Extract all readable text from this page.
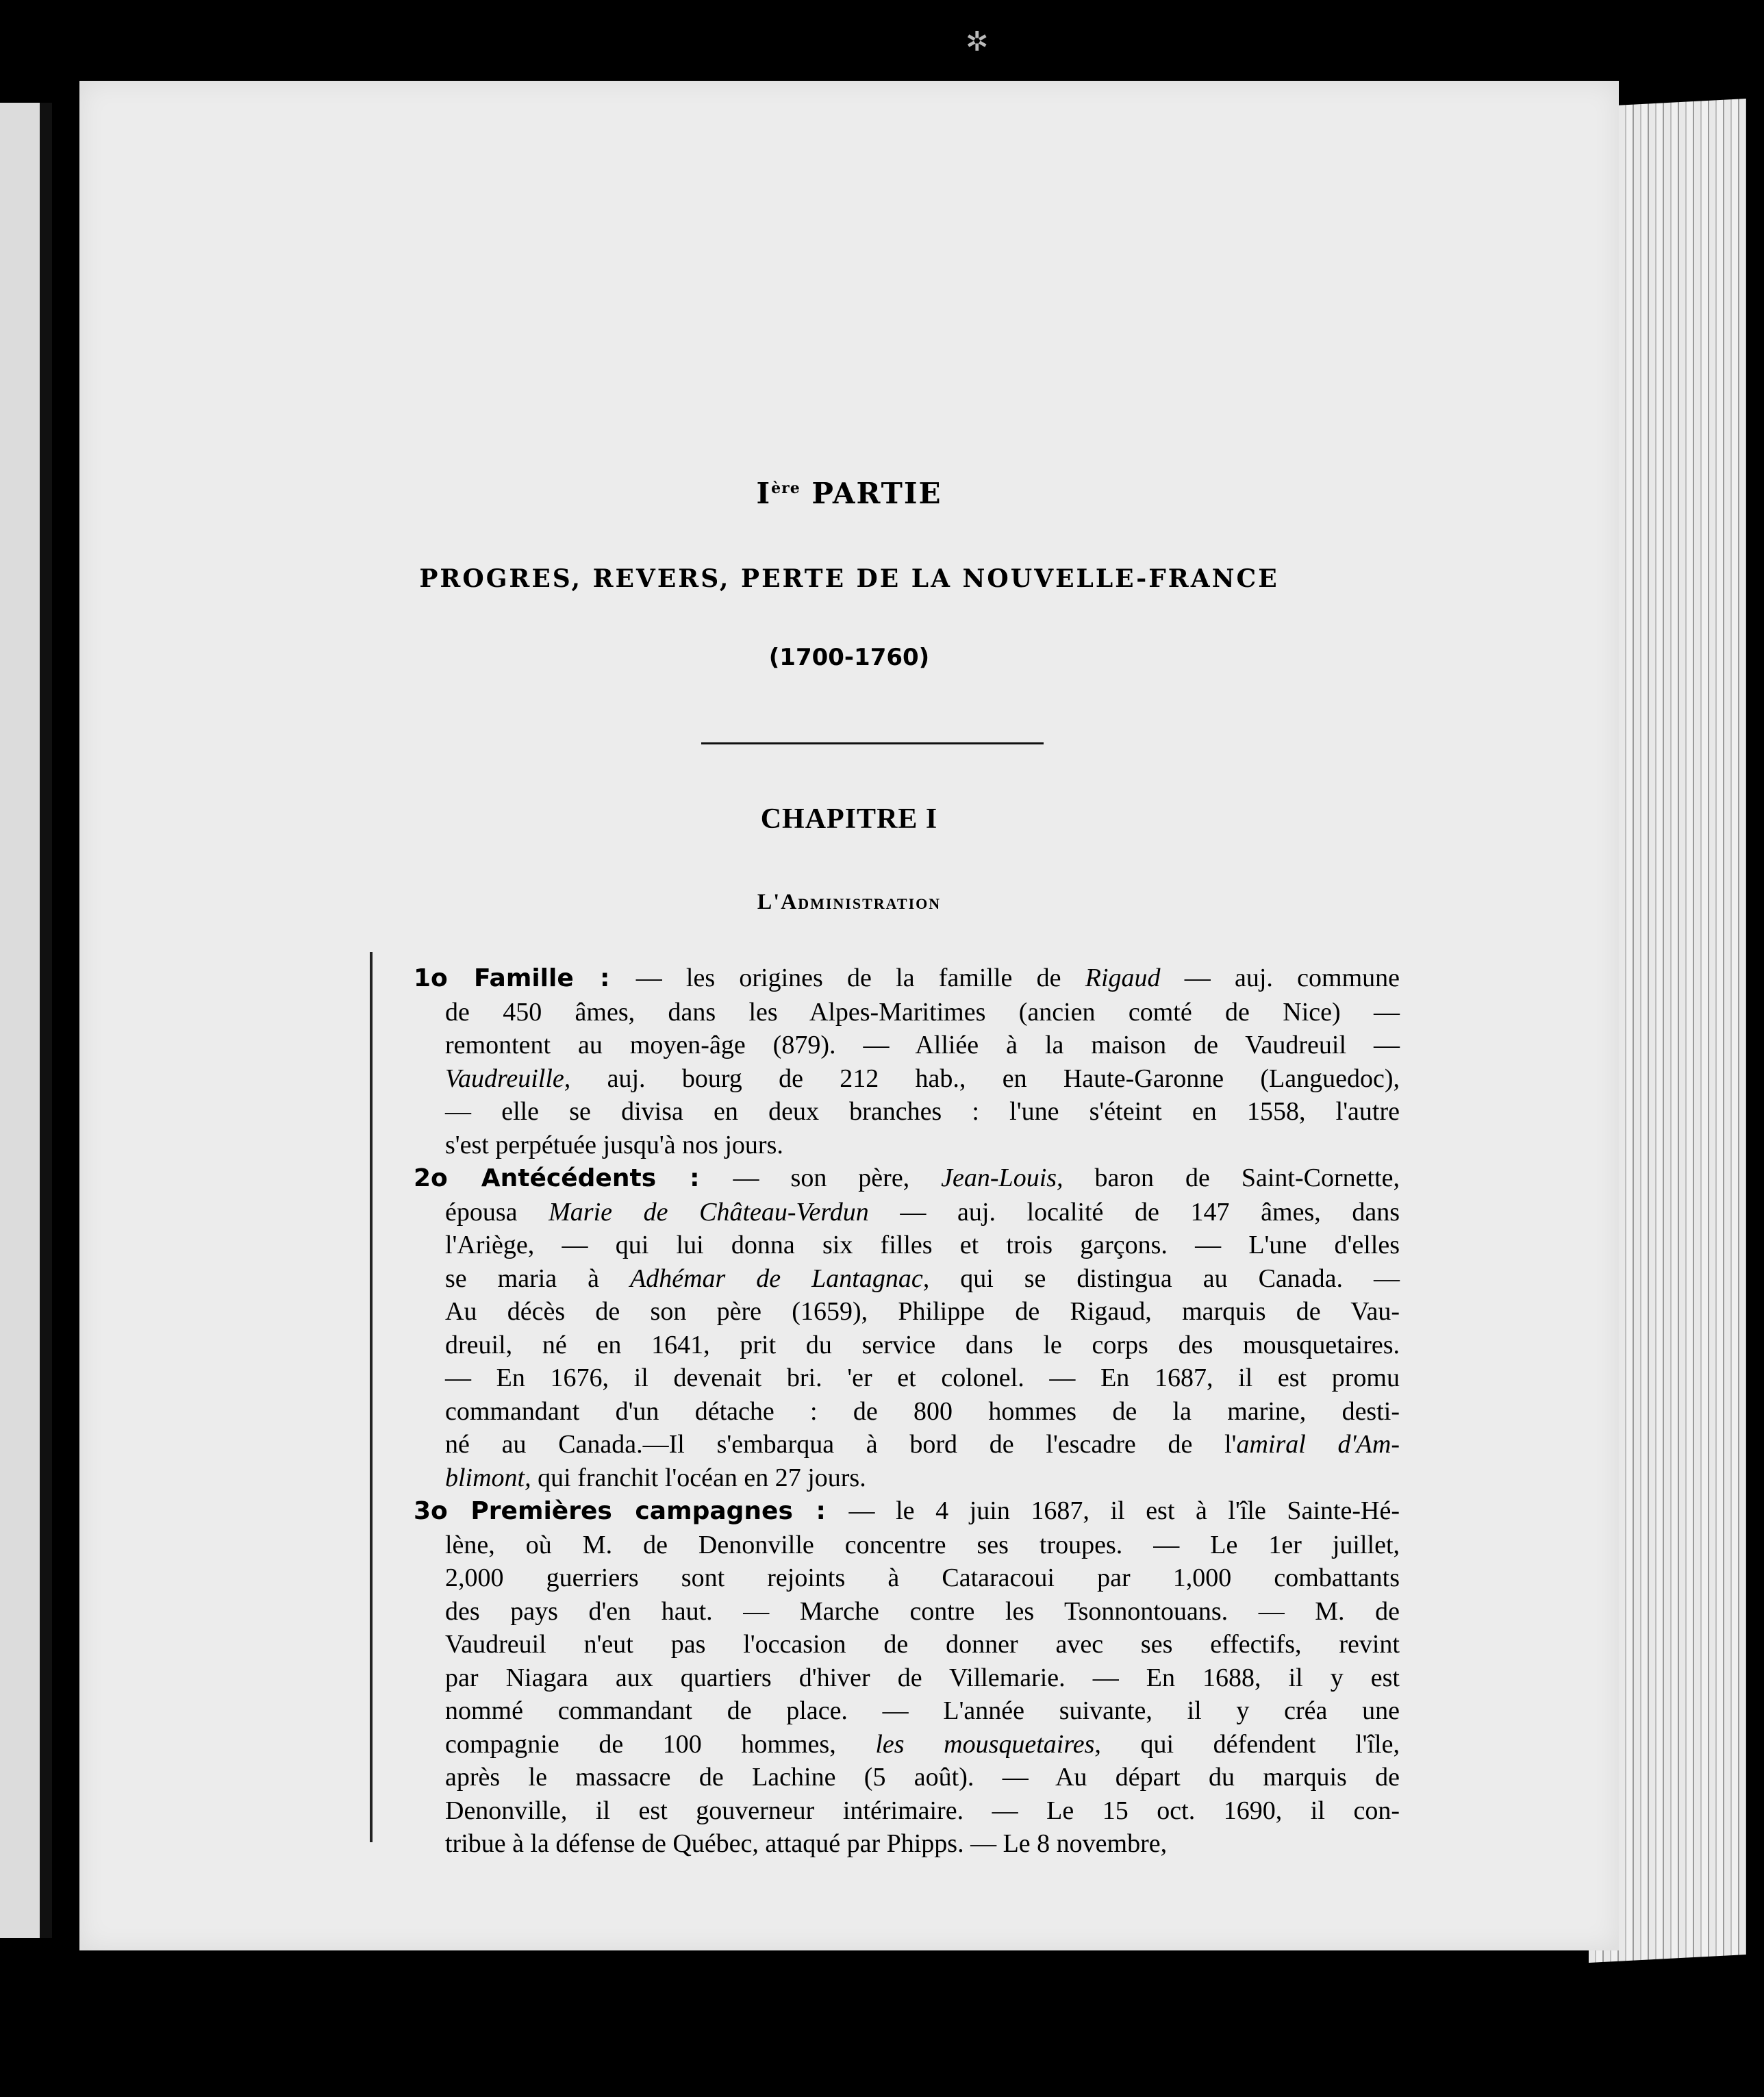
✲
Ière PARTIE
PROGRES, REVERS, PERTE DE LA NOUVELLE-FRANCE
(1700-1760)
CHAPITRE I
L'Administration
1o Famille : — les origines de la famille de Rigaud — auj. commune
de 450 âmes, dans les Alpes-Maritimes (ancien comté de Nice) —
remontent au moyen-âge (879). — Alliée à la maison de Vaudreuil —
Vaudreuille, auj. bourg de 212 hab., en Haute-Garonne (Languedoc),
— elle se divisa en deux branches : l'une s'éteint en 1558, l'autre
s'est perpétuée jusqu'à nos jours.
2o Antécédents : — son père, Jean-Louis, baron de Saint-Cornette,
épousa Marie de Château-Verdun — auj. localité de 147 âmes, dans
l'Ariège, — qui lui donna six filles et trois garçons. — L'une d'elles
se maria à Adhémar de Lantagnac, qui se distingua au Canada. —
Au décès de son père (1659), Philippe de Rigaud, marquis de Vau-
dreuil, né en 1641, prit du service dans le corps des mousquetaires.
— En 1676, il devenait bri. 'er et colonel. — En 1687, il est promu
commandant d'un détache : de 800 hommes de la marine, desti-
né au Canada.—Il s'embarqua à bord de l'escadre de l'amiral d'Am-
blimont, qui franchit l'océan en 27 jours.
3o Premières campagnes : — le 4 juin 1687, il est à l'île Sainte-Hé-
lène, où M. de Denonville concentre ses troupes. — Le 1er juillet,
2,000 guerriers sont rejoints à Cataracoui par 1,000 combattants
des pays d'en haut. — Marche contre les Tsonnontouans. — M. de
Vaudreuil n'eut pas l'occasion de donner avec ses effectifs, revint
par Niagara aux quartiers d'hiver de Villemarie. — En 1688, il y est
nommé commandant de place. — L'année suivante, il y créa une
compagnie de 100 hommes, les mousquetaires, qui défendent l'île,
après le massacre de Lachine (5 août). — Au départ du marquis de
Denonville, il est gouverneur intérimaire. — Le 15 oct. 1690, il con-
tribue à la défense de Québec, attaqué par Phipps. — Le 8 novembre,
